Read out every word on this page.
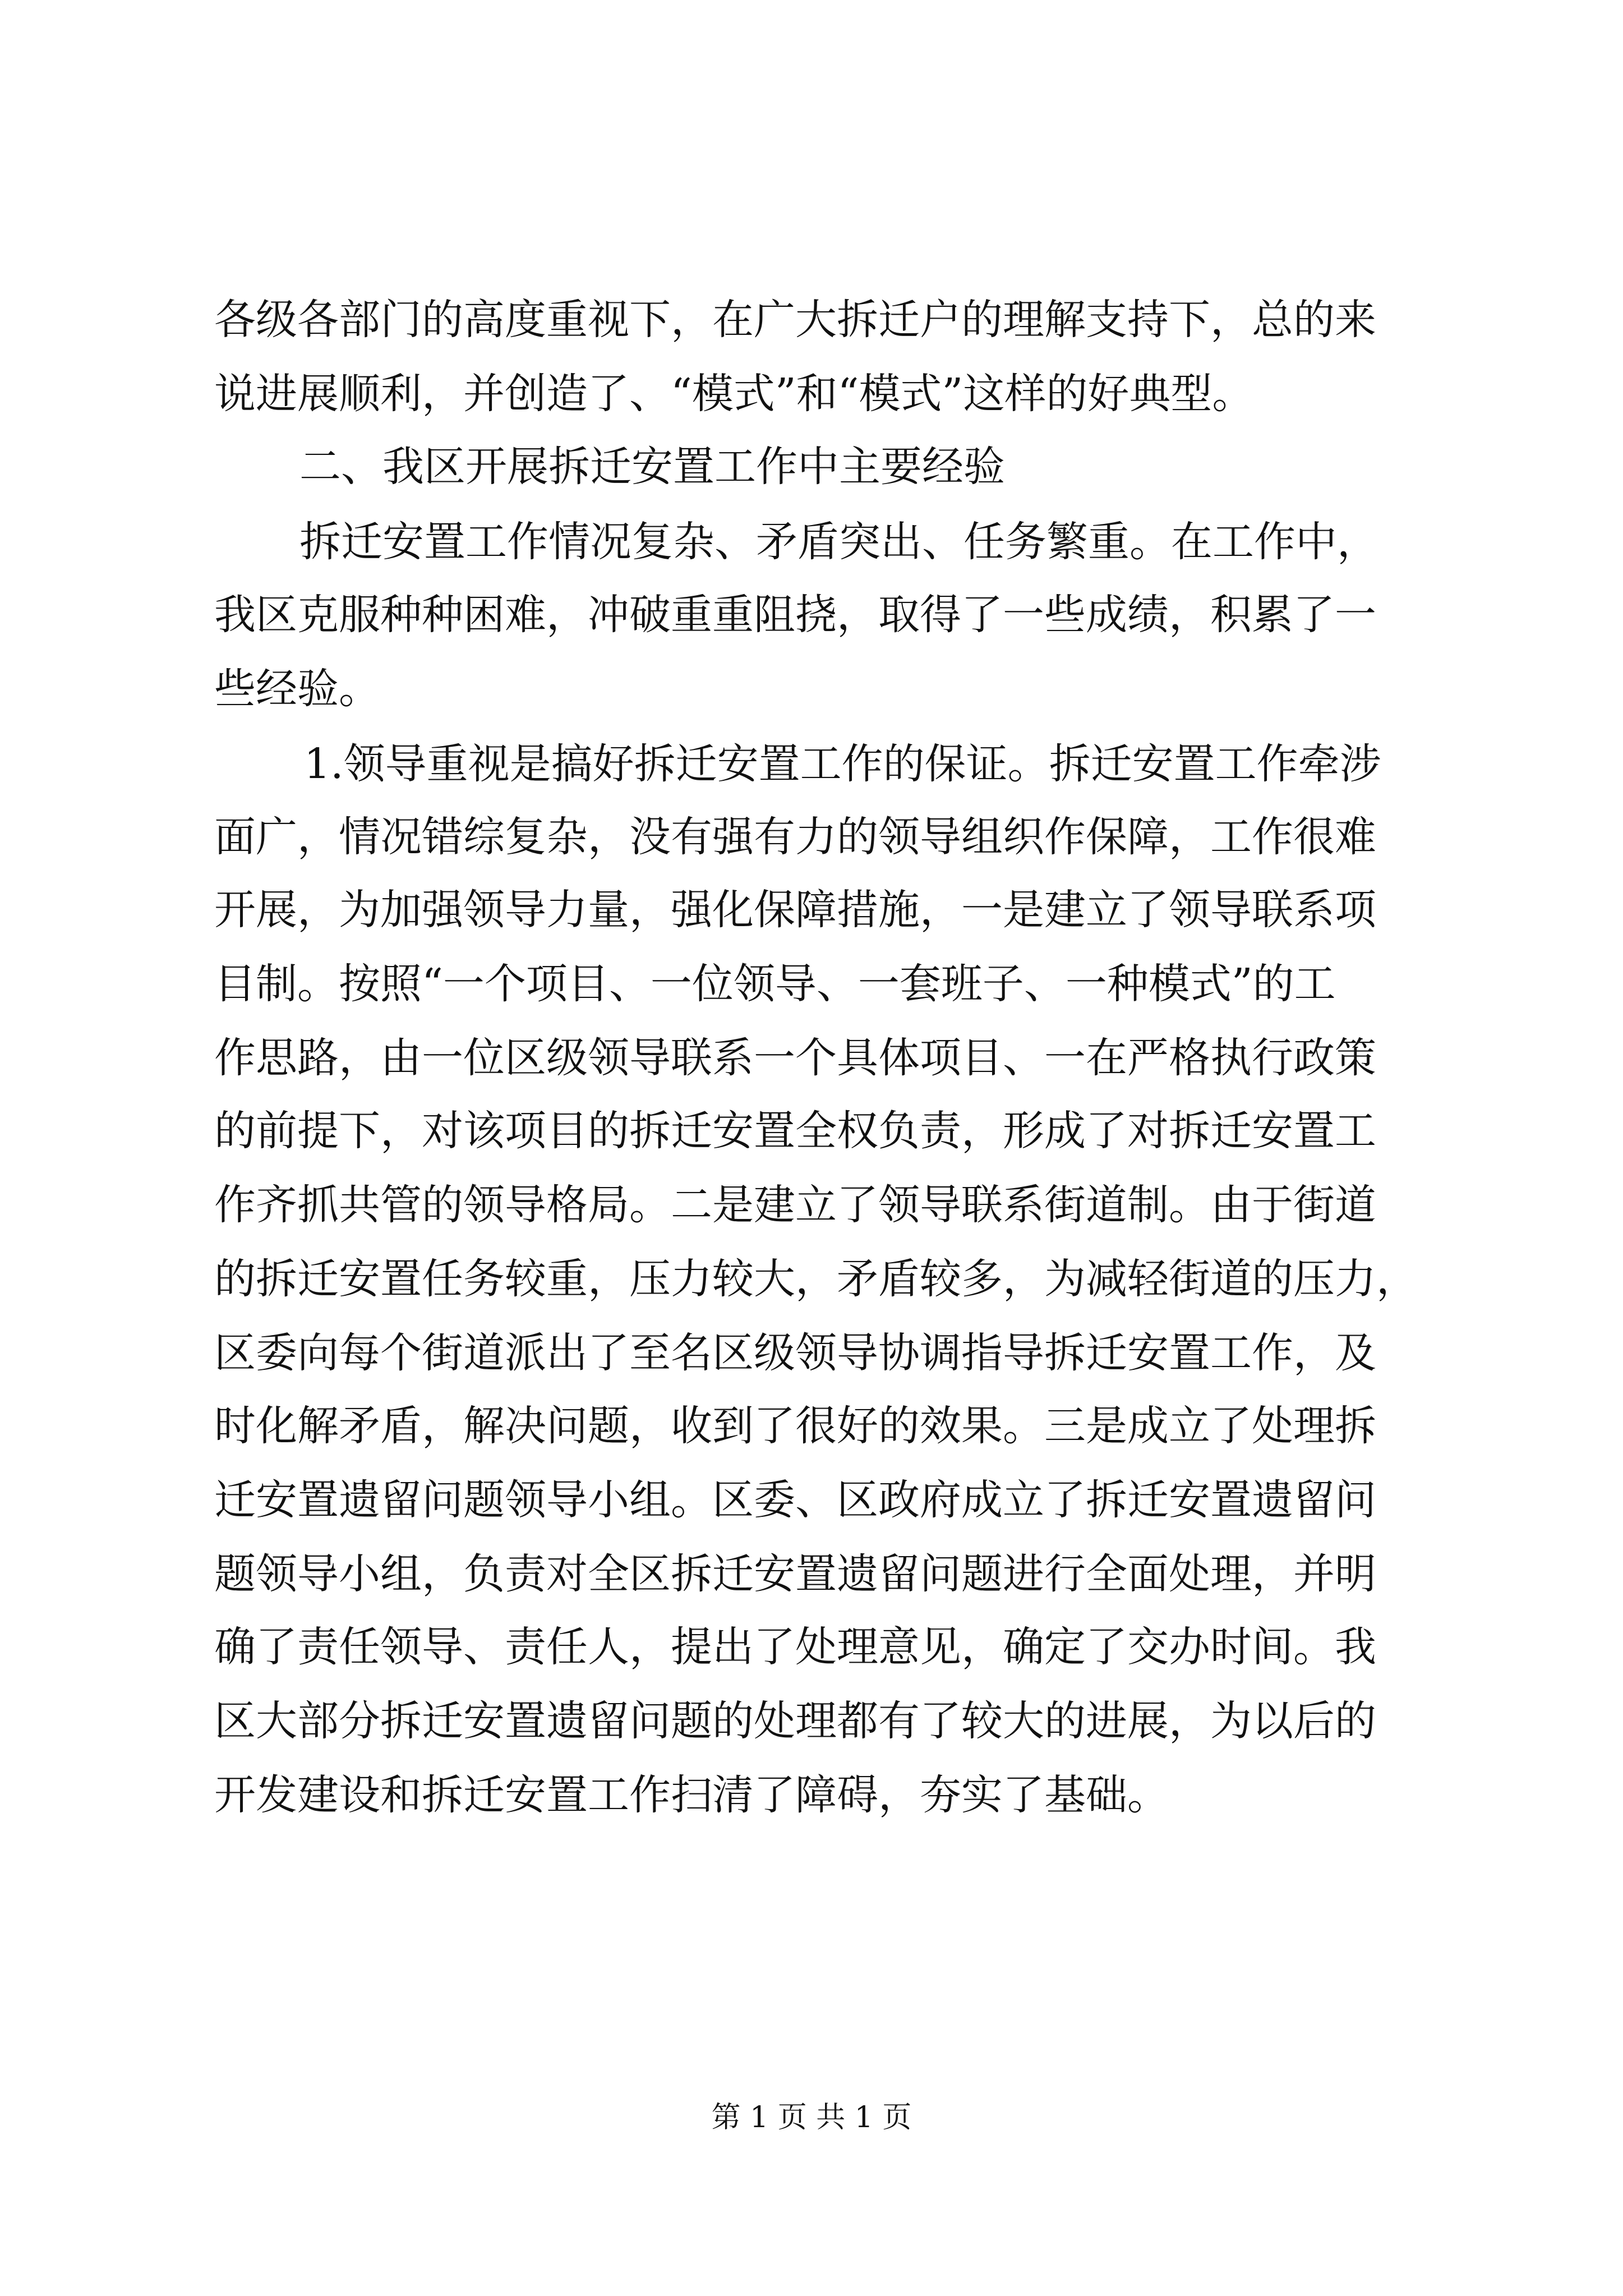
各级各部门的高度重视下，在广大拆迁户的理解支持下，总的来
说进展顺利，并创造了、“模式”和“模式”这样的好典型。
二、我区开展拆迁安置工作中主要经验
拆迁安置工作情况复杂、矛盾突出、任务繁重。在工作中，
我区克服种种困难，冲破重重阻挠，取得了一些成绩，积累了一
些经验。
1.领导重视是搞好拆迁安置工作的保证。拆迁安置工作牵涉
面广，情况错综复杂，没有强有力的领导组织作保障，工作很难
开展，为加强领导力量，强化保障措施，一是建立了领导联系项
目制。按照“一个项目、一位领导、一套班子、一种模式”的工
作思路，由一位区级领导联系一个具体项目、一在严格执行政策
的前提下，对该项目的拆迁安置全权负责，形成了对拆迁安置工
作齐抓共管的领导格局。二是建立了领导联系街道制。由于街道
的拆迁安置任务较重，压力较大，矛盾较多，为减轻街道的压力，
区委向每个街道派出了至名区级领导协调指导拆迁安置工作，及
时化解矛盾，解决问题，收到了很好的效果。三是成立了处理拆
迁安置遗留问题领导小组。区委、区政府成立了拆迁安置遗留问
题领导小组，负责对全区拆迁安置遗留问题进行全面处理，并明
确了责任领导、责任人，提出了处理意见，确定了交办时间。我
区大部分拆迁安置遗留问题的处理都有了较大的进展，为以后的
开发建设和拆迁安置工作扫清了障碍，夯实了基础。
第 1 页 共 1 页
